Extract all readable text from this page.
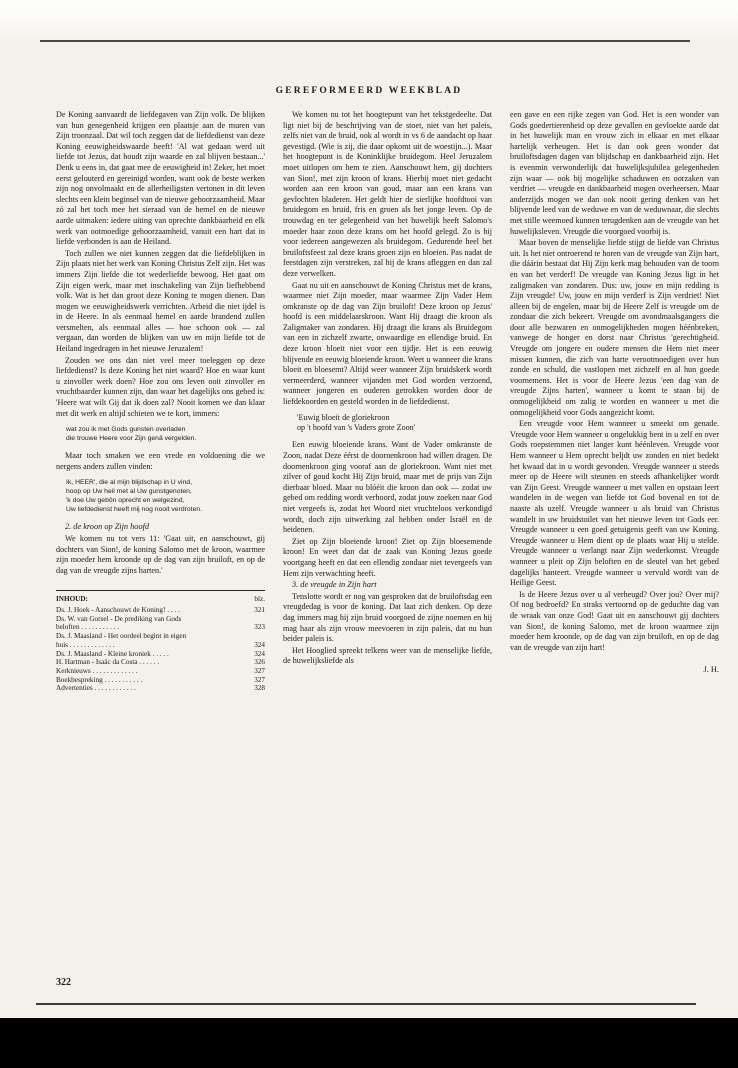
GEREFORMEERD WEEKBLAD

De Koning aanvaardt de liefdegaven van Zijn volk. De blijken van hun genegenheid krijgen een plaatsje aan de muren van Zijn troonzaal. Dat wil toch zeggen dat de liefdedienst van deze Koning eeuwigheidswaarde heeft! 'Al wat gedaan werd uit liefde tot Jezus, dat houdt zijn waarde en zal blijven bestaan...' Denk u eens in, dat gaat mee de eeuwigheid in! Zeker, het moet eerst gelouterd en gereinigd worden, want ook de beste werken zijn nog onvolmaakt en de allerheiligsten vertonen in dit leven slechts een klein beginsel van de nieuwe gehoorzaamheid. Maar zó zal het toch mee het sieraad van de hemel en de nieuwe aarde uitmaken: iedere uiting van oprechte dankbaarheid en elk werk van ootmoedige gehoorzaamheid, vanuit een hart dat in liefde verbonden is aan de Heiland.

Toch zullen we niet kunnen zeggen dat die liefdeblijken in Zijn plaats niet het werk van Koning Christus Zelf zijn. Het was immers Zijn liefde die tot wederliefde bewoog. Het gaat om Zijn eigen werk, maar met inschakeling van Zijn liefhebbend volk. Wat is het dan groot deze Koning te mogen dienen. Dan mogen we eeuwigheidswerk verrichten. Arbeid die niet ijdel is in de Heere. In als eenmaal hemel en aarde brandend zullen versmelten, als eenmaal alles — hoe schoon ook — zal vergaan, dan worden de blijken van uw en mijn liefde tot de Heiland ingedragen in het nieuwe Jeruzalem!

Zouden we ons dan niet veel meer toeleggen op deze liefdedienst? Is deze Koning het niet waard? Hoe en waar kunt u zinvoller werk doen? Hoe zou ons leven ooit zinvoller en vruchtbaarder kunnen zijn, dan waar het dagelijks ons gebed is: 'Heere wat wilt Gij dat ik doen zal? Nooit komen we dan klaar met dit werk en altijd schieten we te kort, immers:

wat zou ik met Gods gunsten overladen
die trouwe Heere voor Zijn genâ vergelden.

Maar toch smaken we een vrede en voldoening die we nergens anders zullen vinden:

Ik, HEER', die al mijn blijdschap in U vind,
hoop op Uw heil met al Uw gunstgenoten,
'k doe Uw gebôn oprecht en welgezind,
Uw liefdedienst heeft mij nog nooit verdroten.

2. de kroon op Zijn hoofd

We komen nu tot vers 11: 'Gaat uit, en aanschouwt, gij dochters van Sion!, de koning Salomo met de kroon, waarmee zijn moeder hem kroonde op de dag van zijn bruiloft, en op de dag van de vreugde zijns harten.'

INHOUD:	blz.
Ds. J. Hoek - Aanschouwt de Koning! . . . .	321
Ds. W. van Gorsel - De prediking van Gods
beloften . . . . . . . . . . .	323
Ds. J. Maasland - Het oordeel begint in eigen
huis . . . . . . . . . . . . .	324
Ds. J. Maasland - Kleine kroniek . . . . .	324
H. Hartman - Isaäc da Costa . . . . . .	326
Kerknieuws . . . . . . . . . . . . .	327
Boekbespreking . . . . . . . . . . .	327
Advertenties . . . . . . . . . . . .	328

We komen nu tot het hoogtepunt van het tekstgedeelte. Dat ligt niet bij de beschrijving van de stoet, niet van het paleis, zelfs niet van de bruid, ook al wordt in vs 6 de aandacht op haar gevestigd. (Wie is zij, die daar opkomt uit de woestijn...). Maar het hoogtepunt is de Koninklijke bruidegom. Heel Jeruzalem moet uitlopen om hem te zien. Aanschouwt hem, gij dochters van Sion!, met zijn kroon of krans. Hierbij moet niet gedacht worden aan een kroon van goud, maar aan een krans van gevlochten bladeren. Het geldt hier de sierlijke hoofdtooi van bruidegom en bruid, fris en groen als het jonge leven. Op de trouwdag en ter gelegenheid van het huwelijk heeft Salomo's moeder haar zoon deze krans om het hoofd gelegd. Zo is hij voor iedereen aangewezen als bruidegom. Gedurende heel het bruiloftsfeest zal deze krans groen zijn en bloeien. Pas nadat de feestdagen zijn verstreken, zal hij de krans afleggen en dan zal deze verwelken.

Gaat nu uit en aanschouwt de Koning Christus met de krans, waarmee niet Zijn moeder, maar waarmee Zijn Vader Hem omkranste op de dag van Zijn bruiloft! Deze kroon op Jezus' hoofd is een middelaarskroon. Want Hij draagt die kroon als Zaligmaker van zondaren. Hij draagt die krans als Bruidegom van een in zichzelf zwarte, onwaardige en ellendige bruid. En deze kroon bloeit niet voor een tijdje. Het is een eeuwig blijvende en eeuwig bloeiende kroon. Weet u wanneer die krans bloeit en bloesemt? Altijd weer wanneer Zijn bruidskerk wordt vermeerderd, wanneer vijanden met God worden verzoend, wanneer jongeren en ouderen getrokken worden door de liefdekoorden en gesteld worden in de liefdedienst.

'Euwig bloeit de gloriekroon
op 't hoofd van 's Vaders grote Zoon'

Een euwig bloeiende krans. Want de Vader omkranste de Zoon, nadat Deze éérst de doornenkroon had willen dragen. De doornenkroon ging vooraf aan de gloriekroon. Want niet met zilver of goud kocht Hij Zijn bruid, maar met de prijs van Zijn dierbaar bloed. Maar nu blóéit die kroon dan ook — zodat uw gebed om redding wordt verhoord, zodat jouw zoeken naar God niet vergeefs is, zodat het Woord niet vruchteloos verkondigd wordt, doch zijn uitwerking zal hebben onder Israël en de heidenen.

Ziet op Zijn bloeiende kroon! Ziet op Zijn bloesemende kroon! En weet dan dat de zaak van Koning Jezus goede voortgang heeft en dat een ellendig zondaar niet tevergeefs van Hem zijn verwachting heeft.

3. de vreugde in Zijn hart

Tenslotte wordt er nog van gesproken dat de bruiloftsdag een vreugdedag is voor de koning. Dat laat zich denken. Op deze dag immers mag hij zijn bruid voorgoed de zijne noemen en hij mag haar als zijn vrouw meevoeren in zijn paleis, dat nu hun beider paleis is.

Het Hooglied spreekt telkens weer van de menselijke liefde, de huwelijksliefde als

een gave en een rijke zegen van God. Het is een wonder van Gods goedertierenheid op deze gevallen en gevloekte aarde dat in het huwelijk man en vrouw zich in elkaar en met elkaar hartelijk verheugen. Het is dan ook geen wonder dat bruiloftsdagen dagen van blijdschap en dankbaarheid zijn. Het is evenmin verwonderlijk dat huwelijksjubilea gelegenheden zijn waar — ook bij mogelijke schaduwen en oorzaken van verdriet — vreugde en dankbaarheid mogen overheersen. Maar anderzijds mogen we dan ook nooit gering denken van het blijvende leed van de weduwe en van de weduwnaar, die slechts met stille weemoed kunnen terugdenken aan de vreugde van het huwelijksleven. Vreugde die voorgoed voorbij is.

Maar boven de menselijke liefde stijgt de liefde van Christus uit. Is het niet ontroerend te horen van de vreugde van Zijn hart, die dáárin bestaat dat Hij Zijn kerk mag behouden van de toorn en van het verderf! De vreugde van Koning Jezus ligt in het zaligmaken van zondaren. Dus: uw, jouw en mijn redding is Zijn vreugde! Uw, jouw en mijn verderf is Zijn verdriet! Niet alleen bij de engelen, maar bij de Heere Zelf is vreugde om de zondaar die zich bekeert. Vreugde om avondmaalsgangers die door alle bezwaren en onmogelijkheden mogen héénbreken, vanwege de honger en dorst naar Christus 'gerechtigheid. Vreugde om jongere en oudere mensen die Hem niet meer missen kunnen, die zich van harte verootmoedigen over hun zonde en schuld, die vastlopen met zichzelf en al hun goede voornemens. Het is voor de Heere Jezus 'een dag van de vreugde Zijns harten', wanneer u komt te staan bij de onmogelijkheid om zalig te worden en wanneer u met die onmogelijkheid voor Gods aangezicht komt.

Een vreugde voor Hem wanneer u smeekt om genade. Vreugde voor Hem wanneer u ongelukkig bent in u zelf en over Gods roepstemmen niet langer kunt héénleven. Vreugde voor Hem wanneer u Hem oprecht beljdt uw zonden en niet bedekt het kwaad dat in u wordt gevonden. Vreugde wanneer u steeds meer op de Heere wilt steunen en steeds afhankelijker wordt van Zijn Geest. Vreugde wanneer u met vallen en opstaan leert wandelen in de wegen van liefde tot God bovenal en tot de naaste als uzelf. Vreugde wanneer u als bruid van Christus wandelt in uw bruidstoilet van het nieuwe leven tot Gods eer. Vreugde wanneer u een goed getuigenis geeft van uw Koning. Vreugde wanneer u Hem dient op de plaats waar Hij u stelde. Vreugde wanneer u verlangt naar Zijn wederkomst. Vreugde wanneer u pleit op Zijn beloften en de sleutel van het gebed dagelijks hanteert. Vreugde wanneer u vervuld wordt van de Heilige Geest.

Is de Heere Jezus over u al verheugd? Over jou? Over mij? Of nog bedroefd? En straks vertoornd op de geduchte dag van de wraak van onze God! Gaat uit en aanschouwt gij dochters van Sion!, de koning Salomo, met de kroon waarmee zijn moeder hem kroonde, op de dag van zijn bruiloft, en op de dag van de vreugde van zijn hart!

J. H.
322
